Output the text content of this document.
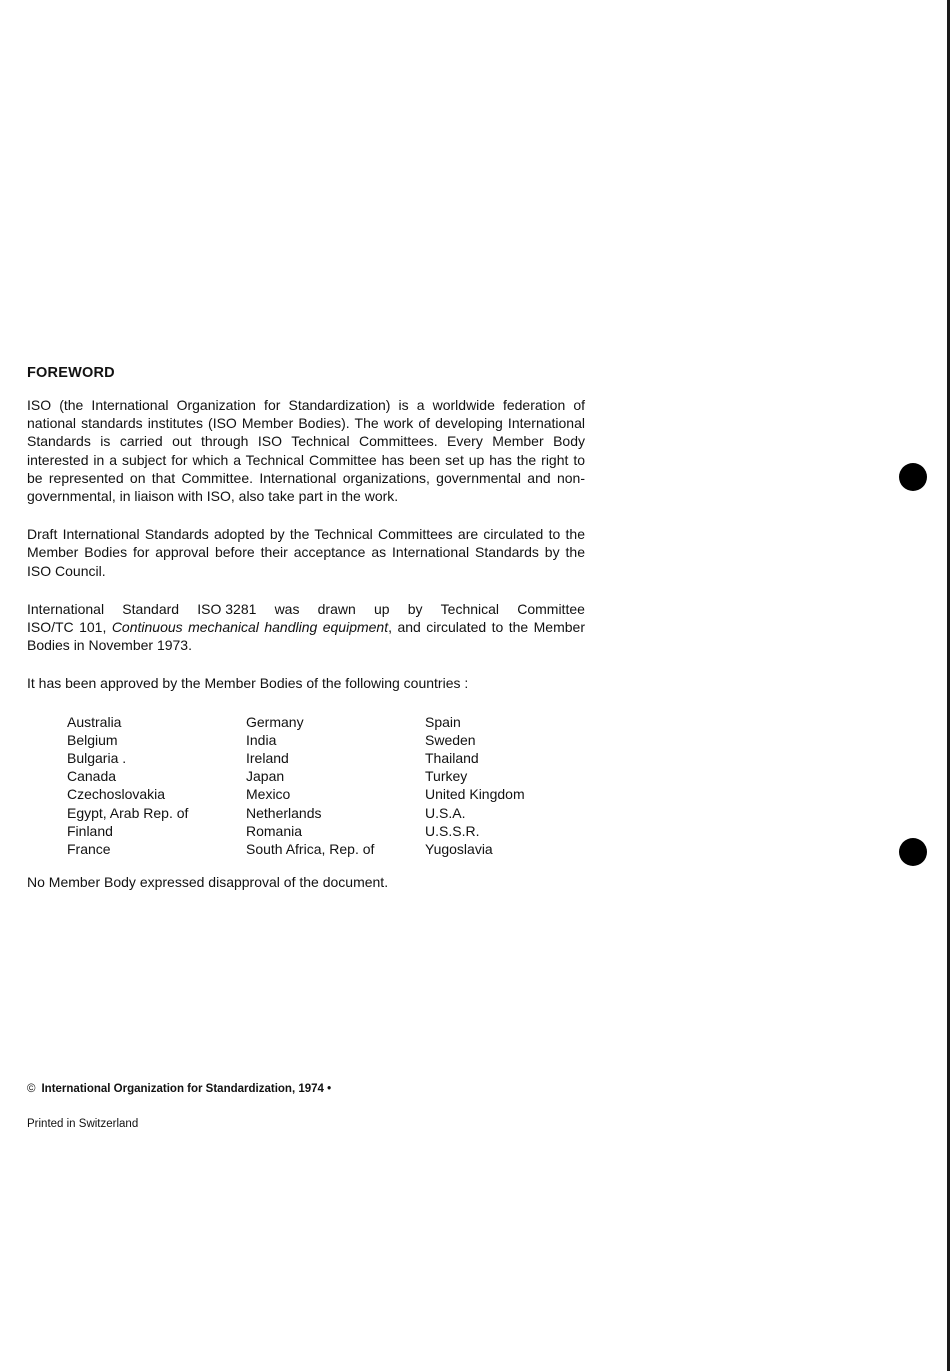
FOREWORD

ISO (the International Organization for Standardization) is a worldwide federation of national standards institutes (ISO Member Bodies). The work of developing International Standards is carried out through ISO Technical Committees. Every Member Body interested in a subject for which a Technical Committee has been set up has the right to be represented on that Committee. International organizations, governmental and non-governmental, in liaison with ISO, also take part in the work.

Draft International Standards adopted by the Technical Committees are circulated to the Member Bodies for approval before their acceptance as International Standards by the ISO Council.

International Standard ISO 3281 was drawn up by Technical Committee
ISO/TC 101, Continuous mechanical handling equipment, and circulated to the Member Bodies in November 1973.

It has been approved by the Member Bodies of the following countries :

Australia
Belgium
Bulgaria .
Canada
Czechoslovakia
Egypt, Arab Rep. of
Finland
France
Germany
India
Ireland
Japan
Mexico
Netherlands
Romania
South Africa, Rep. of
Spain
Sweden
Thailand
Turkey
United Kingdom
U.S.A.
U.S.S.R.
Yugoslavia

No Member Body expressed disapproval of the document.

© International Organization for Standardization, 1974 •
Printed in Switzerland
